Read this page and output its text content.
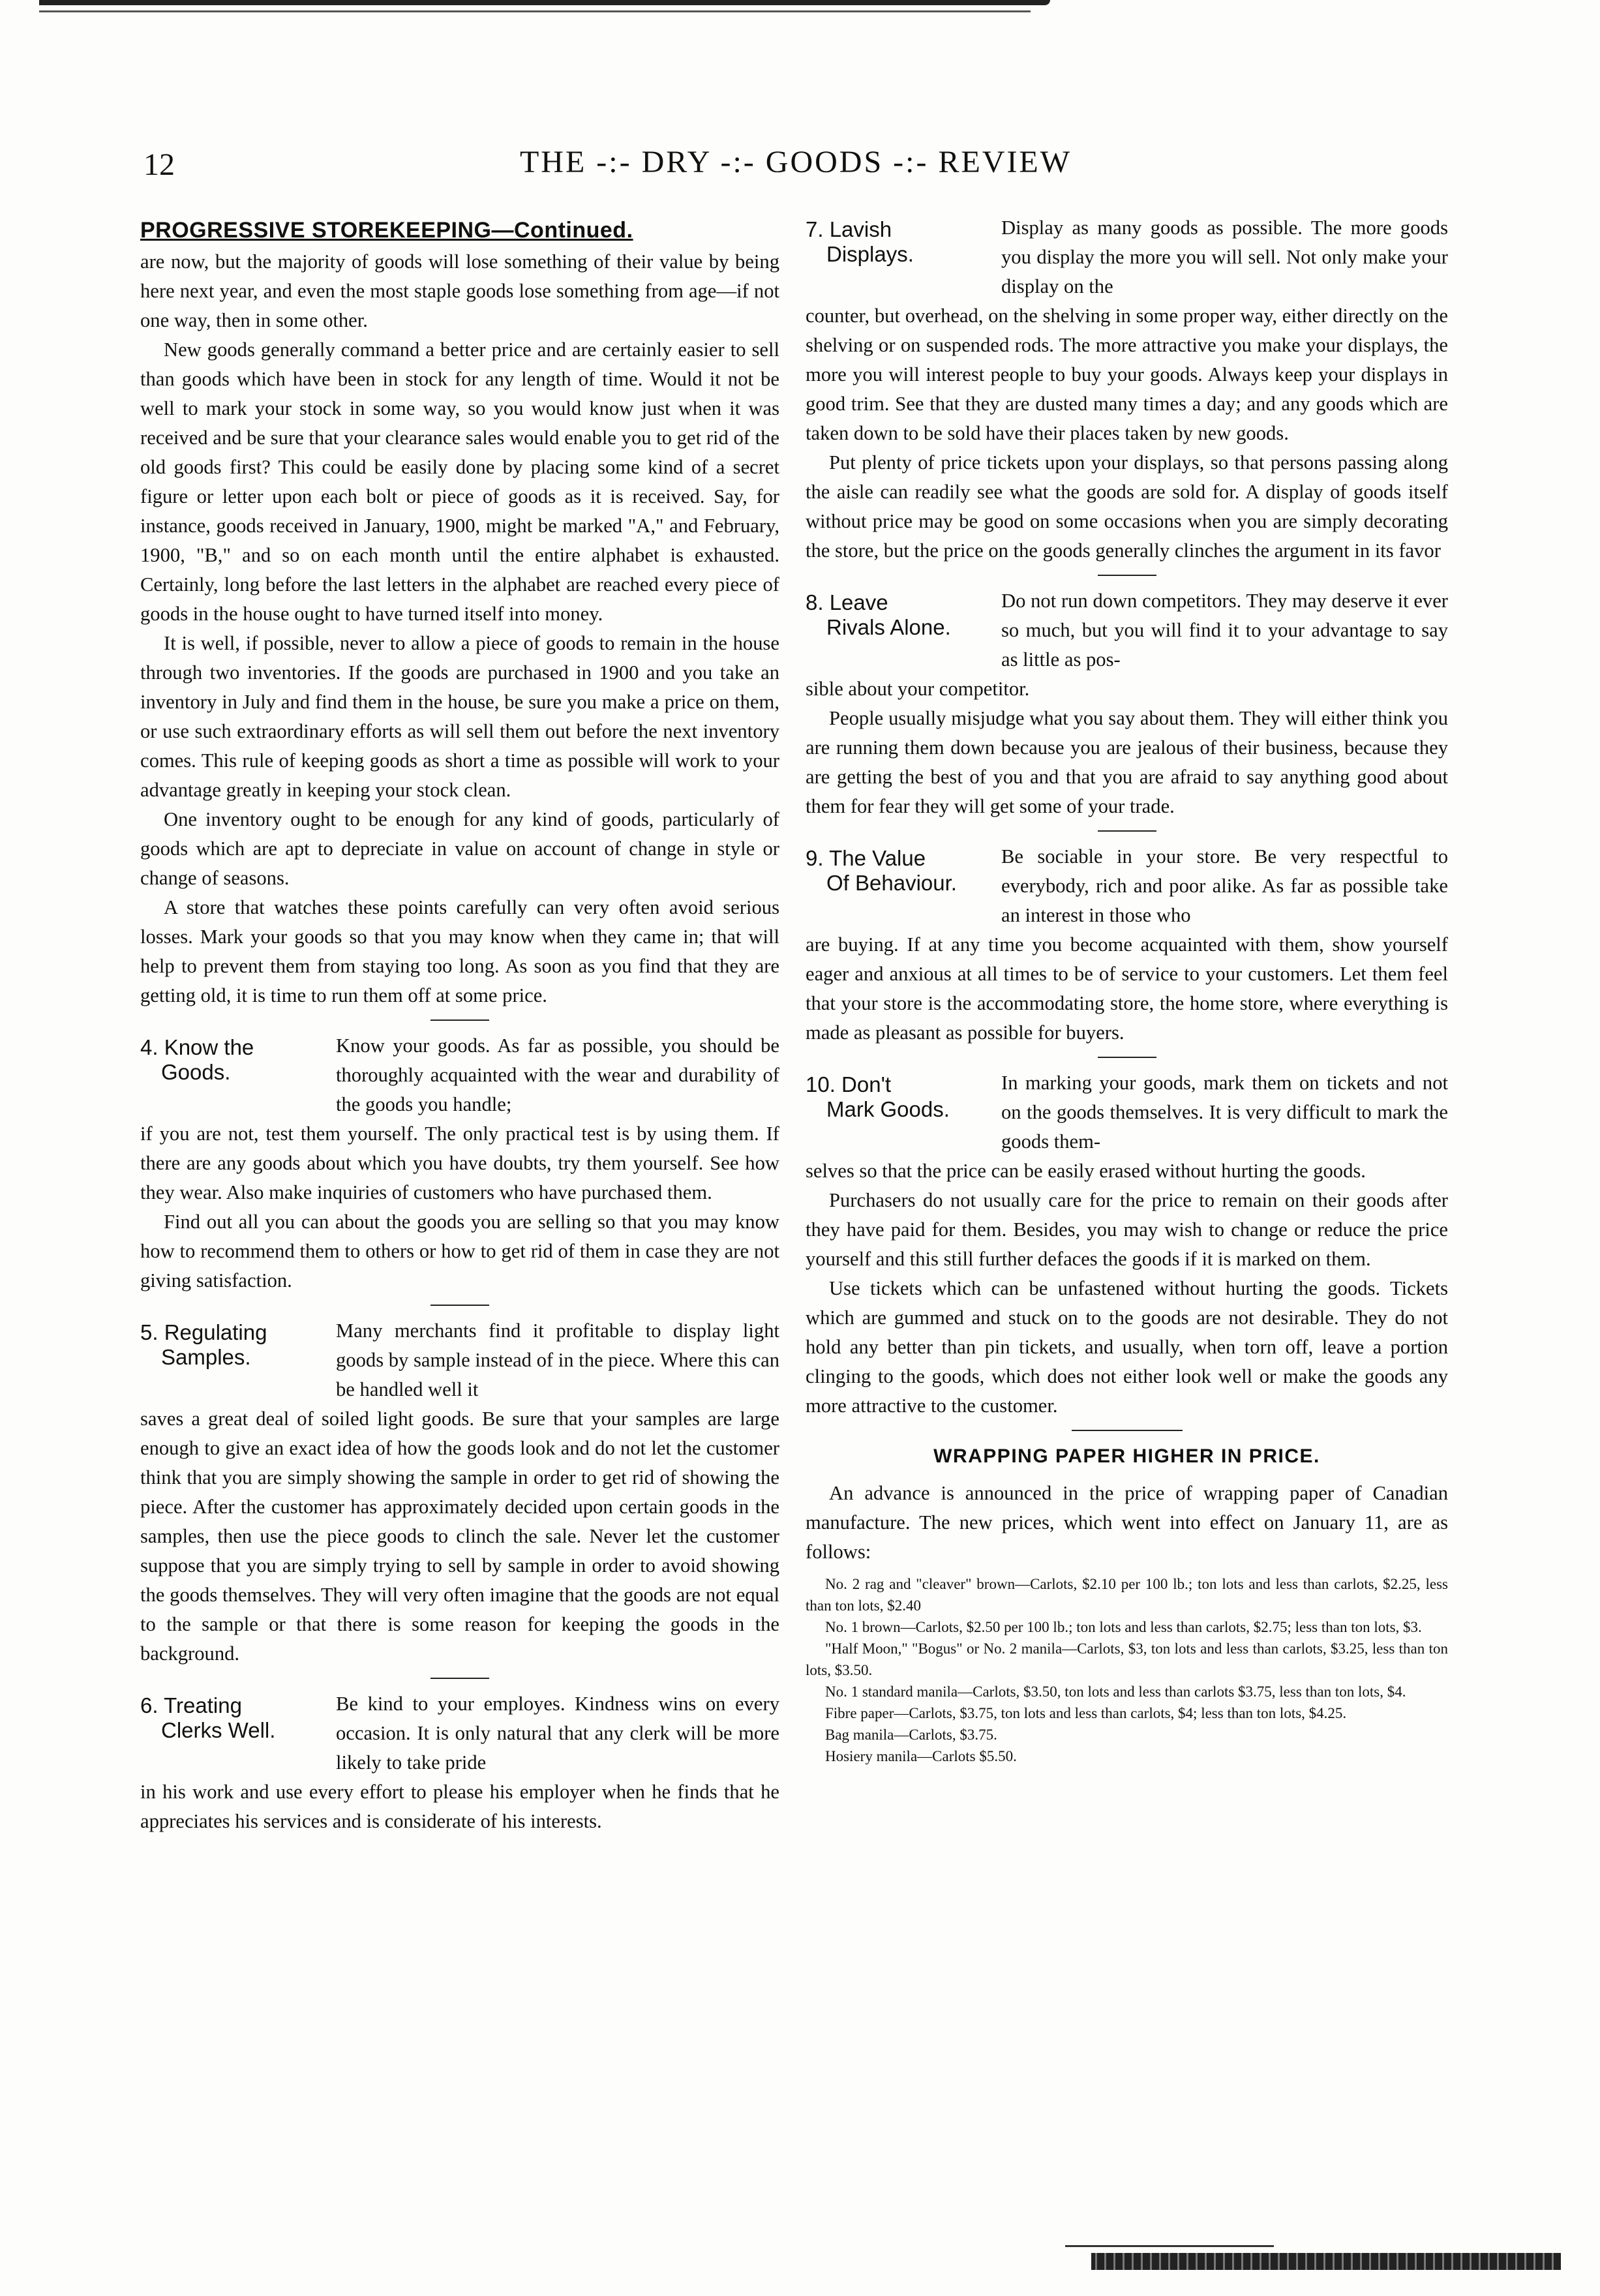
12	THE -:- DRY -:- GOODS -:- REVIEW
PROGRESSIVE STOREKEEPING—Continued.

are now, but the majority of goods will lose something of their value by being here next year, and even the most staple goods lose something from age—if not one way, then in some other.

New goods generally command a better price and are certainly easier to sell than goods which have been in stock for any length of time. Would it not be well to mark your stock in some way, so you would know just when it was received and be sure that your clearance sales would enable you to get rid of the old goods first? This could be easily done by placing some kind of a secret figure or letter upon each bolt or piece of goods as it is received. Say, for instance, goods received in January, 1900, might be marked "A," and February, 1900, "B," and so on each month until the entire alphabet is exhausted. Certainly, long before the last letters in the alphabet are reached every piece of goods in the house ought to have turned itself into money.

It is well, if possible, never to allow a piece of goods to remain in the house through two inventories. If the goods are purchased in 1900 and you take an inventory in July and find them in the house, be sure you make a price on them, or use such extraordinary efforts as will sell them out before the next inventory comes. This rule of keeping goods as short a time as possible will work to your advantage greatly in keeping your stock clean.

One inventory ought to be enough for any kind of goods, particularly of goods which are apt to depreciate in value on account of change in style or change of seasons.

A store that watches these points carefully can very often avoid serious losses. Mark your goods so that you may know when they came in; that will help to prevent them from staying too long. As soon as you find that they are getting old, it is time to run them off at some price.

4. Know the
Goods.

Know your goods. As far as possible, you should be thoroughly acquainted with the wear and durability of the goods you handle;

if you are not, test them yourself. The only practical test is by using them. If there are any goods about which you have doubts, try them yourself. See how they wear. Also make inquiries of customers who have purchased them.

Find out all you can about the goods you are selling so that you may know how to recommend them to others or how to get rid of them in case they are not giving satisfaction.

5. Regulating
Samples.

Many merchants find it profitable to display light goods by sample instead of in the piece. Where this can be handled well it

saves a great deal of soiled light goods. Be sure that your samples are large enough to give an exact idea of how the goods look and do not let the customer think that you are simply showing the sample in order to get rid of showing the piece. After the customer has approximately decided upon certain goods in the samples, then use the piece goods to clinch the sale. Never let the customer suppose that you are simply trying to sell by sample in order to avoid showing the goods themselves. They will very often imagine that the goods are not equal to the sample or that there is some reason for keeping the goods in the background.

6. Treating
Clerks Well.

Be kind to your employes. Kindness wins on every occasion. It is only natural that any clerk will be more likely to take pride

in his work and use every effort to please his employer when he finds that he appreciates his services and is considerate of his interests.

7. Lavish
Displays.

Display as many goods as possible. The more goods you display the more you will sell. Not only make your display on the

counter, but overhead, on the shelving in some proper way, either directly on the shelving or on suspended rods. The more attractive you make your displays, the more you will interest people to buy your goods. Always keep your displays in good trim. See that they are dusted many times a day; and any goods which are taken down to be sold have their places taken by new goods.

Put plenty of price tickets upon your displays, so that persons passing along the aisle can readily see what the goods are sold for. A display of goods itself without price may be good on some occasions when you are simply decorating the store, but the price on the goods generally clinches the argument in its favor

8. Leave
Rivals Alone.

Do not run down competitors. They may deserve it ever so much, but you will find it to your advantage to say as little as pos-

sible about your competitor.

People usually misjudge what you say about them. They will either think you are running them down because you are jealous of their business, because they are getting the best of you and that you are afraid to say anything good about them for fear they will get some of your trade.

9. The Value
Of Behaviour.

Be sociable in your store. Be very respectful to everybody, rich and poor alike. As far as possible take an interest in those who

are buying. If at any time you become acquainted with them, show yourself eager and anxious at all times to be of service to your customers. Let them feel that your store is the accommodating store, the home store, where everything is made as pleasant as possible for buyers.

10. Don't
Mark Goods.

In marking your goods, mark them on tickets and not on the goods themselves. It is very difficult to mark the goods them-

selves so that the price can be easily erased without hurting the goods.

Purchasers do not usually care for the price to remain on their goods after they have paid for them. Besides, you may wish to change or reduce the price yourself and this still further defaces the goods if it is marked on them.

Use tickets which can be unfastened without hurting the goods. Tickets which are gummed and stuck on to the goods are not desirable. They do not hold any better than pin tickets, and usually, when torn off, leave a portion clinging to the goods, which does not either look well or make the goods any more attractive to the customer.

WRAPPING PAPER HIGHER IN PRICE.

An advance is announced in the price of wrapping paper of Canadian manufacture. The new prices, which went into effect on January 11, are as follows:

No. 2 rag and "cleaver" brown—Carlots, $2.10 per 100 lb.; ton lots and less than carlots, $2.25, less than ton lots, $2.40

No. 1 brown—Carlots, $2.50 per 100 lb.; ton lots and less than carlots, $2.75; less than ton lots, $3.

"Half Moon," "Bogus" or No. 2 manila—Carlots, $3, ton lots and less than carlots, $3.25, less than ton lots, $3.50.

No. 1 standard manila—Carlots, $3.50, ton lots and less than carlots $3.75, less than ton lots, $4.

Fibre paper—Carlots, $3.75, ton lots and less than carlots, $4; less than ton lots, $4.25.

Bag manila—Carlots, $3.75.

Hosiery manila—Carlots $5.50.
